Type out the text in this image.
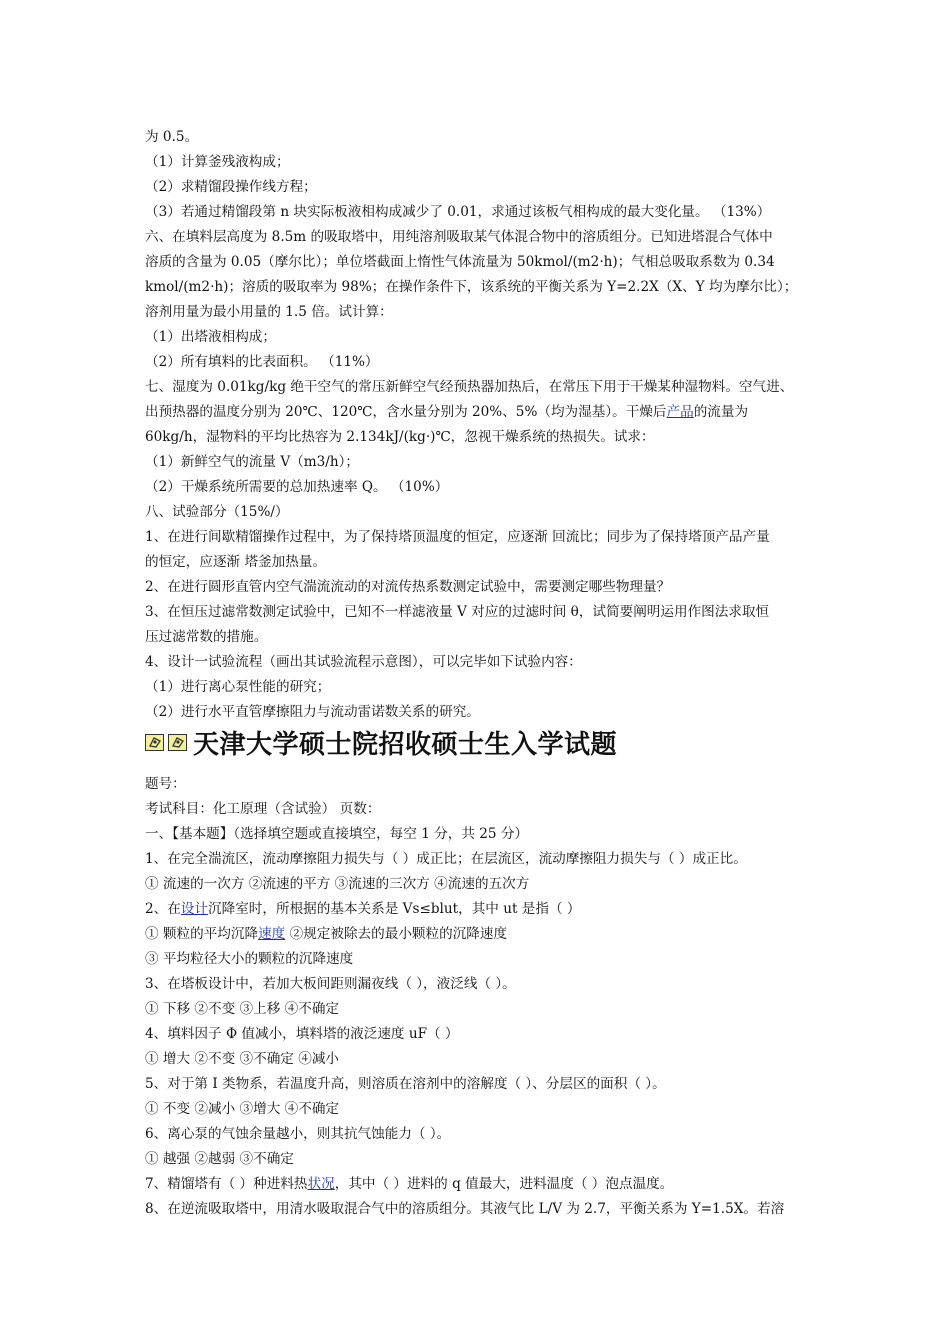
为 0.5。
（1）计算釜残液构成；
（2）求精馏段操作线方程；
（3）若通过精馏段第 n 块实际板液相构成减少了 0.01，求通过该板气相构成的最大变化量。 （13%）
六、在填料层高度为 8.5m 的吸取塔中，用纯溶剂吸取某气体混合物中的溶质组分。已知进塔混合气体中
溶质的含量为 0.05（摩尔比）；单位塔截面上惰性气体流量为 50kmol/(m2·h)；气相总吸取系数为 0.34
kmol/(m2·h)；溶质的吸取率为 98%；在操作条件下，该系统的平衡关系为 Y=2.2X（X、Y 均为摩尔比）；
溶剂用量为最小用量的 1.5 倍。试计算：
（1）出塔液相构成；
（2）所有填料的比表面积。 （11%）
七、湿度为 0.01kg/kg 绝干空气的常压新鲜空气经预热器加热后，在常压下用于干燥某种湿物料。空气进、
出预热器的温度分别为 20℃、120℃，含水量分别为 20%、5%（均为湿基）。干燥后产品的流量为
60kg/h，湿物料的平均比热容为 2.134kJ/(kg·)℃，忽视干燥系统的热损失。试求：
（1）新鲜空气的流量 V（m3/h）；
（2）干燥系统所需要的总加热速率 Q。 （10%）
八、试验部分（15%/）
1、在进行间歇精馏操作过程中，为了保持塔顶温度的恒定，应逐渐 回流比；同步为了保持塔顶产品产量
的恒定，应逐渐 塔釜加热量。
2、在进行圆形直管内空气湍流流动的对流传热系数测定试验中，需要测定哪些物理量？
3、在恒压过滤常数测定试验中，已知不一样滤液量 V 对应的过滤时间 θ，试简要阐明运用作图法求取恒
压过滤常数的措施。
4、设计一试验流程（画出其试验流程示意图），可以完毕如下试验内容：
（1）进行离心泵性能的研究；
（2）进行水平直管摩擦阻力与流动雷诺数关系的研究。
天津大学硕士院招收硕士生入学试题
题号：
考试科目：化工原理（含试验） 页数：
一、【基本题】（选择填空题或直接填空，每空 1 分，共 25 分）
1、在完全湍流区，流动摩擦阻力损失与（ ）成正比；在层流区，流动摩擦阻力损失与（ ）成正比。
① 流速的一次方 ②流速的平方 ③流速的三次方 ④流速的五次方
2、在设计沉降室时，所根据的基本关系是 Vs≤blut，其中 ut 是指（ ）
① 颗粒的平均沉降速度 ②规定被除去的最小颗粒的沉降速度
③ 平均粒径大小的颗粒的沉降速度
3、在塔板设计中，若加大板间距则漏夜线（ ），液泛线（ ）。
① 下移 ②不变 ③上移 ④不确定
4、填料因子 Φ 值减小，填料塔的液泛速度 uF（ ）
① 增大 ②不变 ③不确定 ④减小
5、对于第 I 类物系，若温度升高，则溶质在溶剂中的溶解度（ ）、分层区的面积（ ）。
① 不变 ②减小 ③增大 ④不确定
6、离心泵的气蚀余量越小，则其抗气蚀能力（ ）。
① 越强 ②越弱 ③不确定
7、精馏塔有（ ）种进料热状况，其中（ ）进料的 q 值最大，进料温度（ ）泡点温度。
8、在逆流吸取塔中，用清水吸取混合气中的溶质组分。其液气比 L/V 为 2.7，平衡关系为 Y=1.5X。若溶
